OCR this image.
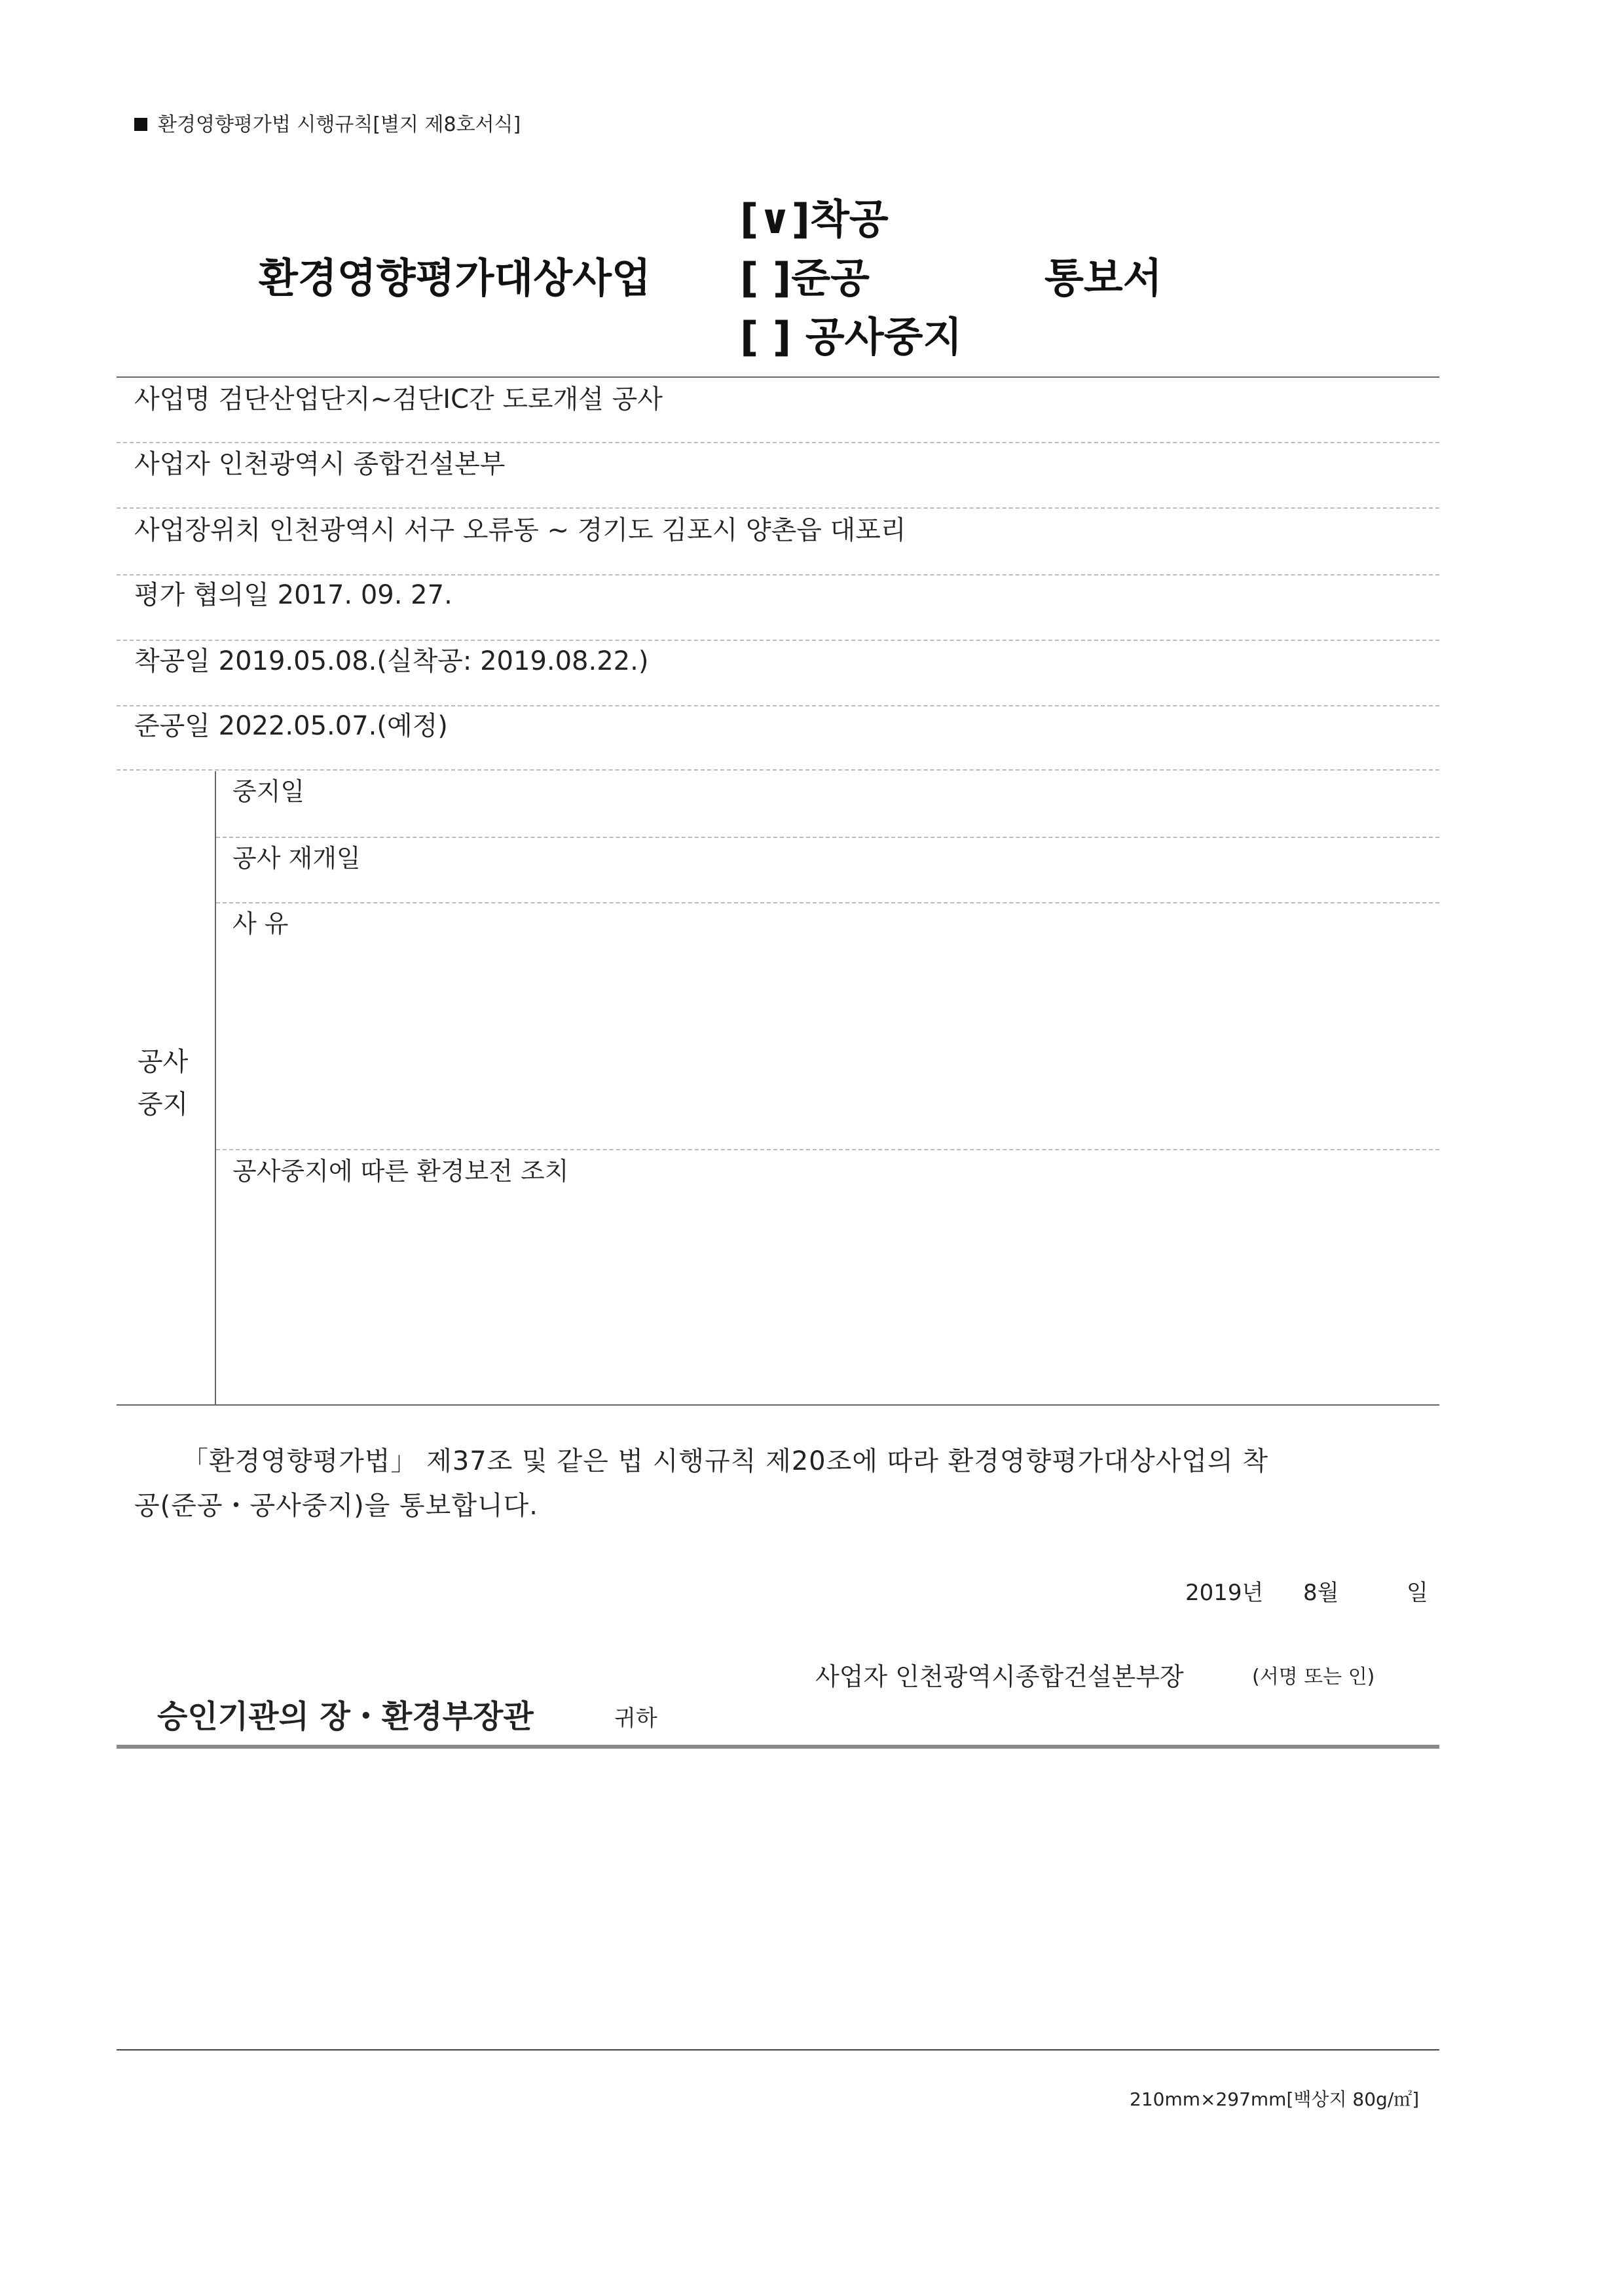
환경영향평가법 시행규칙[별지 제8호서식]
[∨]착공
환경영향평가대상사업 [ ]준공	통보서
[ ] 공사중지
사업명 검단산업단지~검단IC간 도로개설 공사
사업자 인천광역시 종합건설본부
사업장위치 인천광역시 서구 오류동 ~ 경기도 김포시 양촌읍 대포리
평가 협의일 2017. 09. 27.
착공일 2019.05.08.(실착공: 2019.08.22.)
준공일 2022.05.07.(예정)
공사
중지
중지일
공사 재개일
사 유
공사중지에 따른 환경보전 조치
「환경영향평가법」 제37조 및 같은 법 시행규칙 제20조에 따라 환경영향평가대상사업의 착
공(준공・공사중지)을 통보합니다.
2019년 8월	일
사업자 인천광역시종합건설본부장	(서명 또는 인)
승인기관의 장・환경부장관	귀하
210mm×297mm[백상지 80g/㎡]
